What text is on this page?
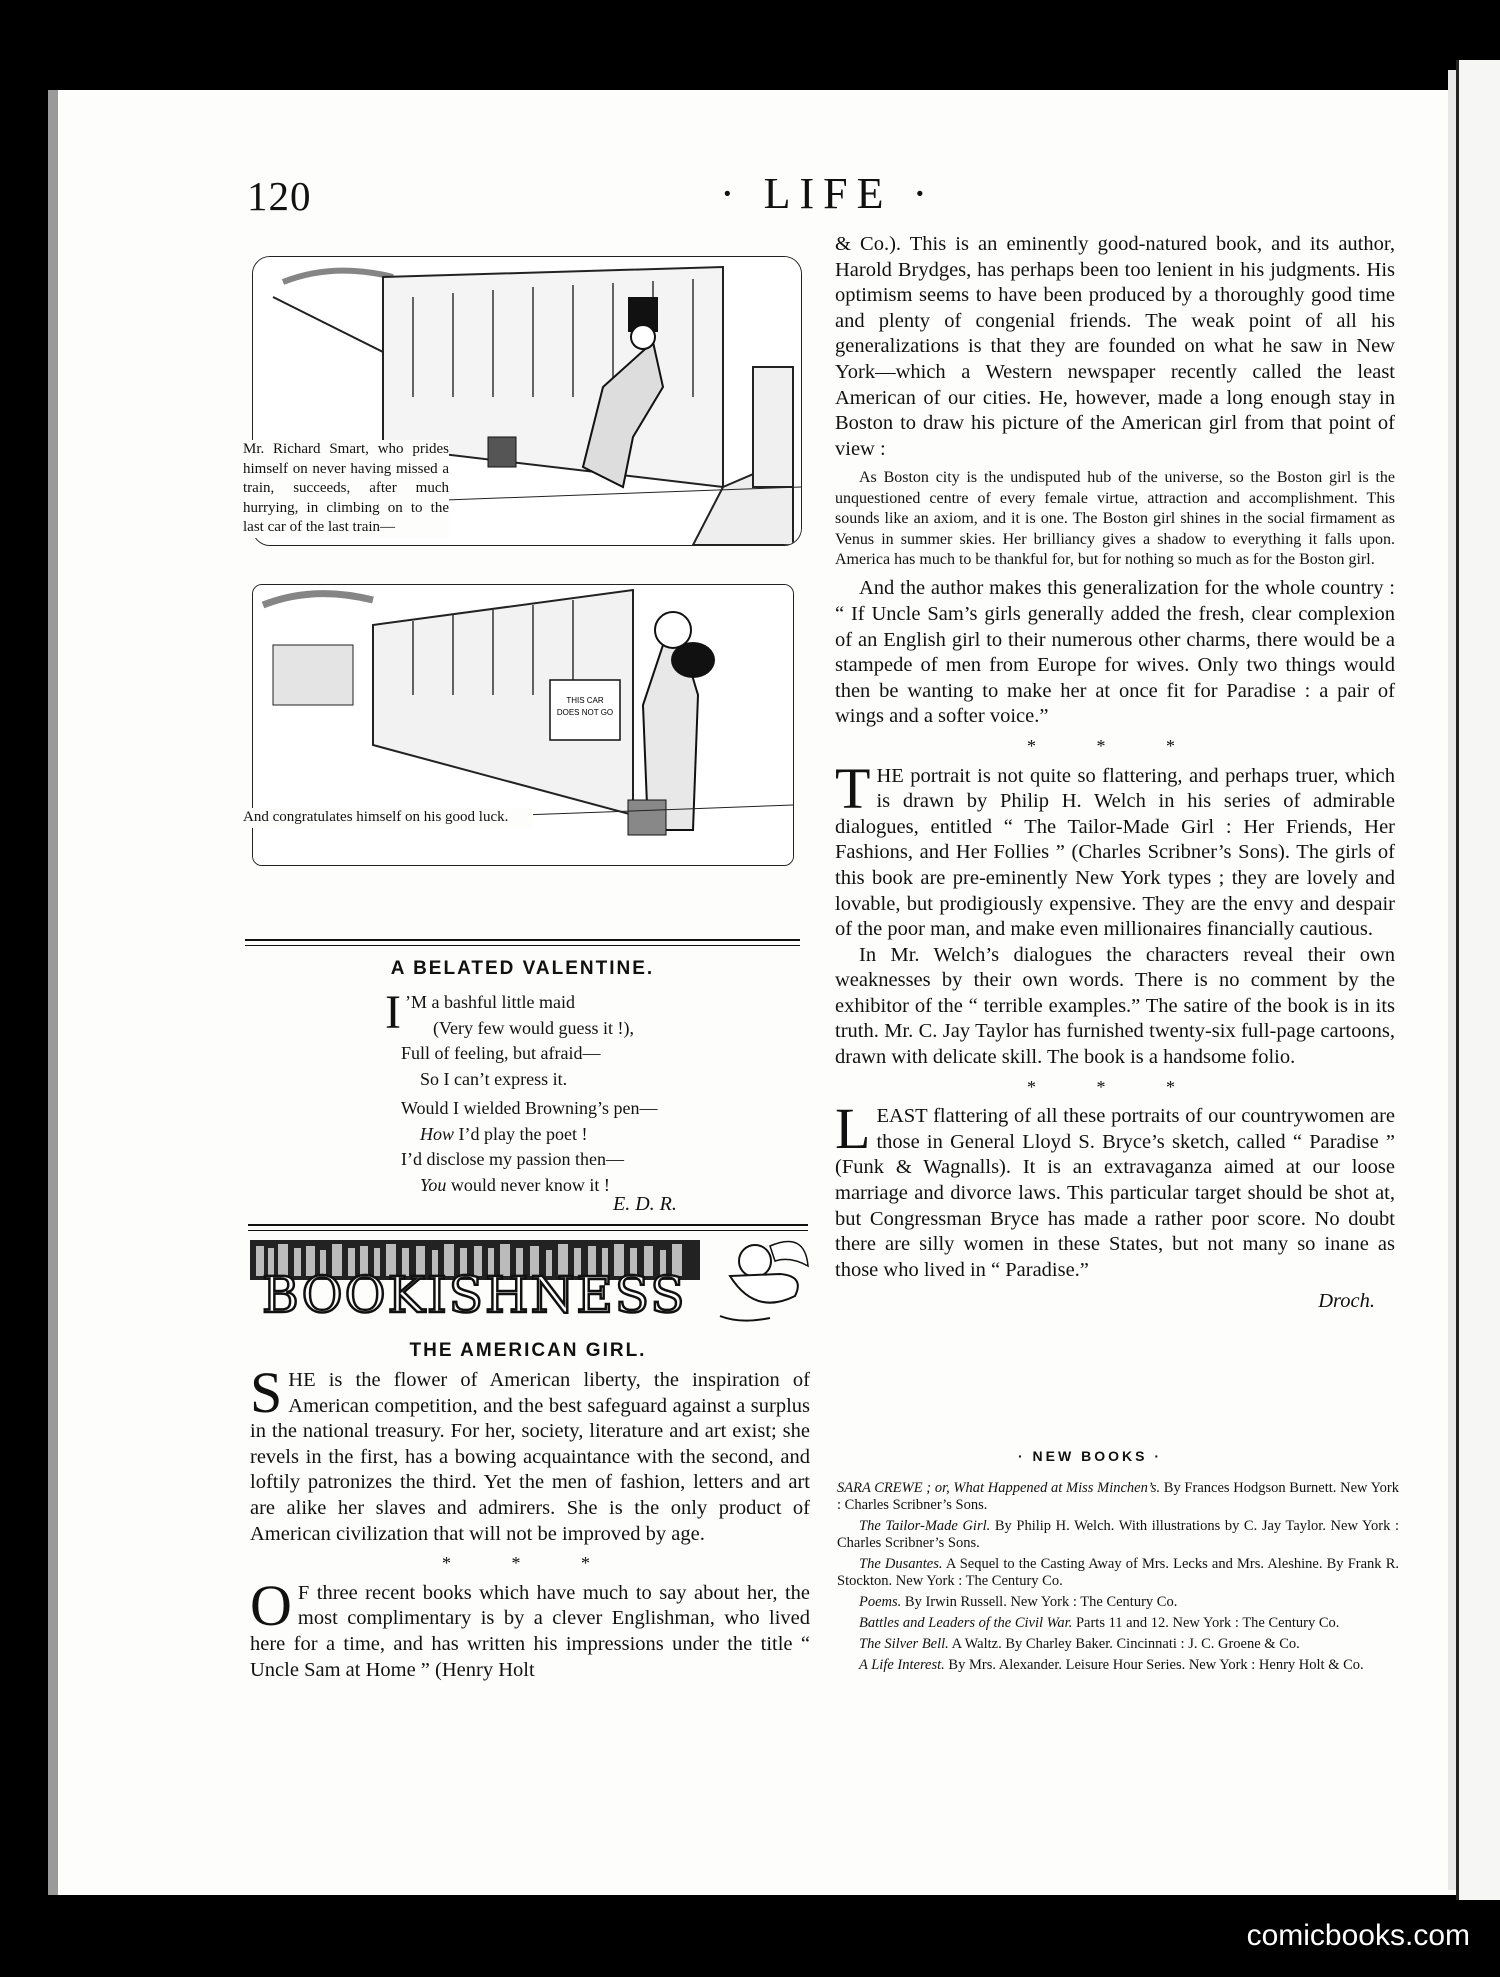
120	· LIFE ·
Mr. Richard Smart, who prides himself on never having missed a train, succeeds, after much hurrying, in climbing on to the last car of the last train—
THIS CAR
DOES NOT GO
And congratulates himself on his good luck.
A BELATED VALENTINE.
I ’M a bashful little maid
(Very few would guess it !),
Full of feeling, but afraid—
So I can’t express it.
Would I wielded Browning’s pen—
How I’d play the poet !
I’d disclose my passion then—
You would never know it !
E. D. R.
BOOKISHNESS
THE AMERICAN GIRL.

SHE is the flower of American liberty, the inspiration of American competition, and the best safeguard against a surplus in the national treasury. For her, society, literature and art exist; she revels in the first, has a bowing acquaintance with the second, and loftily patronizes the third. Yet the men of fashion, letters and art are alike her slaves and admirers. She is the only product of American civilization that will not be improved by age.

* * *

O F three recent books which have much to say about her, the most complimentary is by a clever Englishman, who lived here for a time, and has written his impressions under the title “ Uncle Sam at Home ” (Henry Holt

& Co.). This is an eminently good-natured book, and its author, Harold Brydges, has perhaps been too lenient in his judgments. His optimism seems to have been produced by a thoroughly good time and plenty of congenial friends. The weak point of all his generalizations is that they are founded on what he saw in New York—which a Western newspaper recently called the least American of our cities. He, however, made a long enough stay in Boston to draw his picture of the American girl from that point of view :

As Boston city is the undisputed hub of the universe, so the Boston girl is the unquestioned centre of every female virtue, attraction and accomplishment. This sounds like an axiom, and it is one. The Boston girl shines in the social firmament as Venus in summer skies. Her brilliancy gives a shadow to everything it falls upon. America has much to be thankful for, but for nothing so much as for the Boston girl.

And the author makes this generalization for the whole country : “ If Uncle Sam’s girls generally added the fresh, clear complexion of an English girl to their numerous other charms, there would be a stampede of men from Europe for wives. Only two things would then be wanting to make her at once fit for Paradise : a pair of wings and a softer voice.”

* * *

THE portrait is not quite so flattering, and perhaps truer, which is drawn by Philip H. Welch in his series of admirable dialogues, entitled “ The Tailor-Made Girl : Her Friends, Her Fashions, and Her Follies ” (Charles Scribner’s Sons). The girls of this book are pre-eminently New York types ; they are lovely and lovable, but prodigiously expensive. They are the envy and despair of the poor man, and make even millionaires financially cautious.

In Mr. Welch’s dialogues the characters reveal their own weaknesses by their own words. There is no comment by the exhibitor of the “ terrible examples.” The satire of the book is in its truth. Mr. C. Jay Taylor has furnished twenty-six full-page cartoons, drawn with delicate skill. The book is a handsome folio.

* * *

LEAST flattering of all these portraits of our countrywomen are those in General Lloyd S. Bryce’s sketch, called “ Paradise ” (Funk & Wagnalls). It is an extravaganza aimed at our loose marriage and divorce laws. This particular target should be shot at, but Congressman Bryce has made a rather poor score. No doubt there are silly women in these States, but not many so inane as those who lived in “ Paradise.”

Droch.
· NEW BOOKS ·
SARA CREWE ; or, What Happened at Miss Minchen’s. By Frances Hodgson Burnett. New York : Charles Scribner’s Sons.
The Tailor-Made Girl. By Philip H. Welch. With illustrations by C. Jay Taylor. New York : Charles Scribner’s Sons.
The Dusantes. A Sequel to the Casting Away of Mrs. Lecks and Mrs. Aleshine. By Frank R. Stockton. New York : The Century Co.
Poems. By Irwin Russell. New York : The Century Co.
Battles and Leaders of the Civil War. Parts 11 and 12. New York : The Century Co.
The Silver Bell. A Waltz. By Charley Baker. Cincinnati : J. C. Groene & Co.
A Life Interest. By Mrs. Alexander. Leisure Hour Series. New York : Henry Holt & Co.
comicbooks.com
